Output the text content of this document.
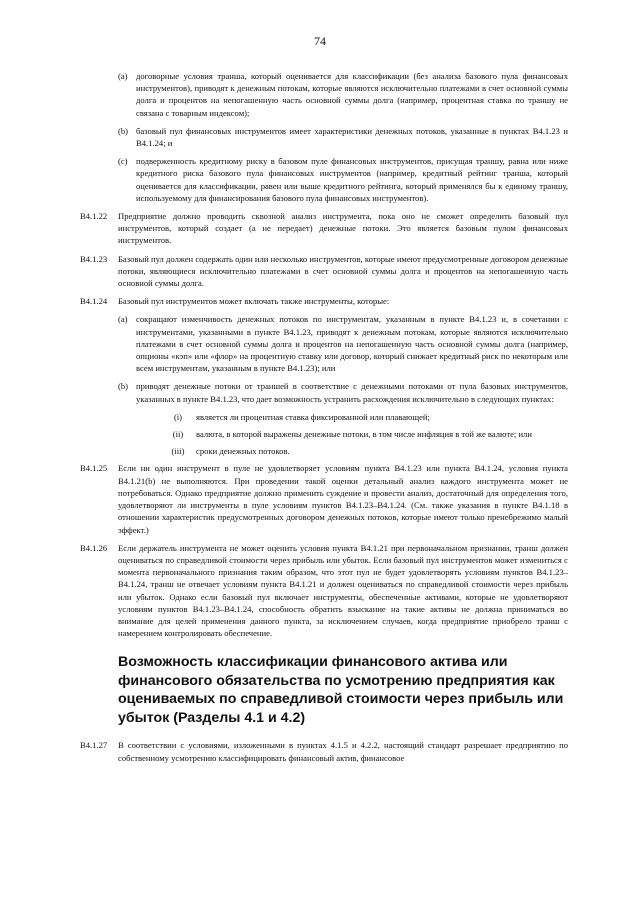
74
(a) договорные условия транша, который оценивается для классификации (без анализа базового пула финансовых инструментов), приводят к денежным потокам, которые являются исключительно платежами в счет основной суммы долга и процентов на непогашенную часть основной суммы долга (например, процентная ставка по траншу не связана с товарным индексом);
(b) базовый пул финансовых инструментов имеет характеристики денежных потоков, указанные в пунктах В4.1.23 и В4.1.24; и
(c) подверженность кредитному риску в базовом пуле финансовых инструментов, присущая траншу, равна или ниже кредитного риска базового пула финансовых инструментов (например, кредитный рейтинг транша, который оценивается для классификации, равен или выше кредитного рейтинга, который применялся бы к единому траншу, используемому для финансирования базового пула финансовых инструментов).
В4.1.22	Предприятие должно проводить сквозной анализ инструмента, пока оно не сможет определить базовый пул инструментов, который создает (а не передает) денежные потоки. Это является базовым пулом финансовых инструментов.
В4.1.23	Базовый пул должен содержать один или несколько инструментов, которые имеют предусмотренные договором денежные потоки, являющиеся исключительно платежами в счет основной суммы долга и процентов на непогашенную часть основной суммы долга.
В4.1.24	Базовый пул инструментов может включать также инструменты, которые:
(a) сокращают изменчивость денежных потоков по инструментам, указанным в пункте В4.1.23 и, в сочетании с инструментами, указанными в пункте В4.1.23, приводят к денежным потокам, которые являются исключительно платежами в счет основной суммы долга и процентов на непогашенную часть основной суммы долга (например, опционы «кэп» или «флор» на процентную ставку или договор, который снижает кредитный риск по некоторым или всем инструментам, указанным в пункте В4.1.23); или
(b) приводят денежные потоки от траншей в соответствие с денежными потоками от пула базовых инструментов, указанных в пункте В4.1.23, что дает возможность устранить расхождения исключительно в следующих пунктах:
(i)	является ли процентная ставка фиксированной или плавающей;
(ii)	валюта, в которой выражены денежные потоки, в том числе инфляция в той же валюте; или
(iii)	сроки денежных потоков.
В4.1.25	Если ни один инструмент в пуле не удовлетворяет условиям пункта В4.1.23 или пункта В4.1.24, условия пункта В4.1.21(b) не выполняются. При проведении такой оценки детальный анализ каждого инструмента может не потребоваться. Однако предприятие должно применить суждение и провести анализ, достаточный для определения того, удовлетворяют ли инструменты в пуле условиям пунктов В4.1.23–В4.1.24. (См. также указания в пункте В4.1.18 в отношении характеристик предусмотренных договором денежных потоков, которые имеют только пренебрежимо малый эффект.)
В4.1.26	Если держатель инструмента не может оценить условия пункта В4.1.21 при первоначальном признании, транш должен оцениваться по справедливой стоимости через прибыль или убыток. Если базовый пул инструментов может измениться с момента первоначального признания таким образом, что этот пул не будет удовлетворять условиям пунктов В4.1.23–В4.1.24, транш не отвечает условиям пункта В4.1.21 и должен оцениваться по справедливой стоимости через прибыль или убыток. Однако если базовый пул включает инструменты, обеспеченные активами, которые не удовлетворяют условиям пунктов В4.1.23–В4.1.24, способность обратить взыскание на такие активы не должна приниматься во внимание для целей применения данного пункта, за исключением случаев, когда предприятие приобрело транш с намерением контролировать обеспечение.
Возможность классификации финансового актива или финансового обязательства по усмотрению предприятия как оцениваемых по справедливой стоимости через прибыль или убыток (Разделы 4.1 и 4.2)
В4.1.27	В соответствии с условиями, изложенными в пунктах 4.1.5 и 4.2.2, настоящий стандарт разрешает предприятию по собственному усмотрению классифицировать финансовый актив, финансовое
